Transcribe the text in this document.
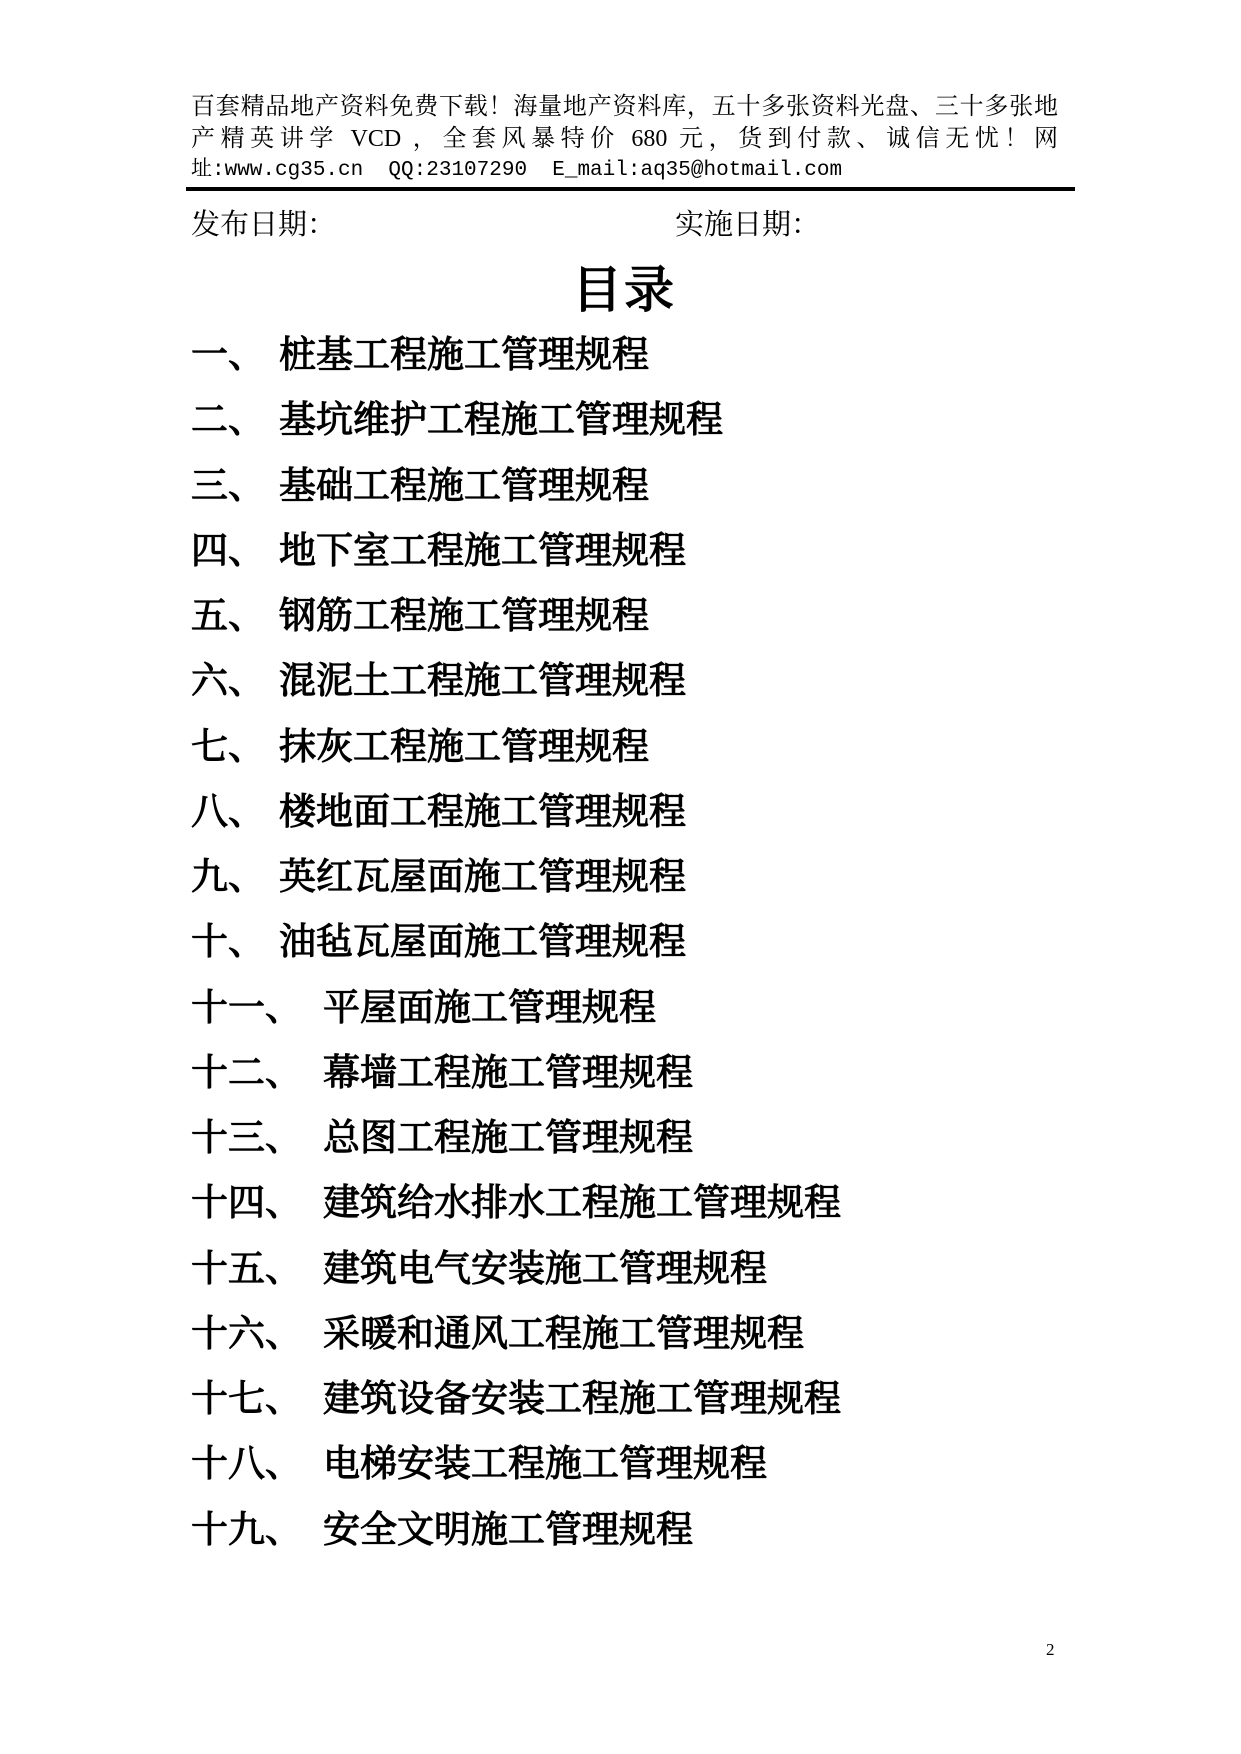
百套精品地产资料免费下载！海量地产资料库，五十多张资料光盘、三十多张地
产精英讲学 VCD ，全套风暴特价 680 元，货到付款、诚信无忧！网
址:www.cg35.cn  QQ:23107290  E_mail:aq35@hotmail.com
发布日期：	实施日期：
目录
一、 桩基工程施工管理规程
二、 基坑维护工程施工管理规程
三、 基础工程施工管理规程
四、 地下室工程施工管理规程
五、 钢筋工程施工管理规程
六、 混泥土工程施工管理规程
七、 抹灰工程施工管理规程
八、 楼地面工程施工管理规程
九、 英红瓦屋面施工管理规程
十、 油毡瓦屋面施工管理规程
十一、 平屋面施工管理规程
十二、 幕墙工程施工管理规程
十三、 总图工程施工管理规程
十四、 建筑给水排水工程施工管理规程
十五、 建筑电气安装施工管理规程
十六、 采暖和通风工程施工管理规程
十七、 建筑设备安装工程施工管理规程
十八、 电梯安装工程施工管理规程
十九、 安全文明施工管理规程
2
